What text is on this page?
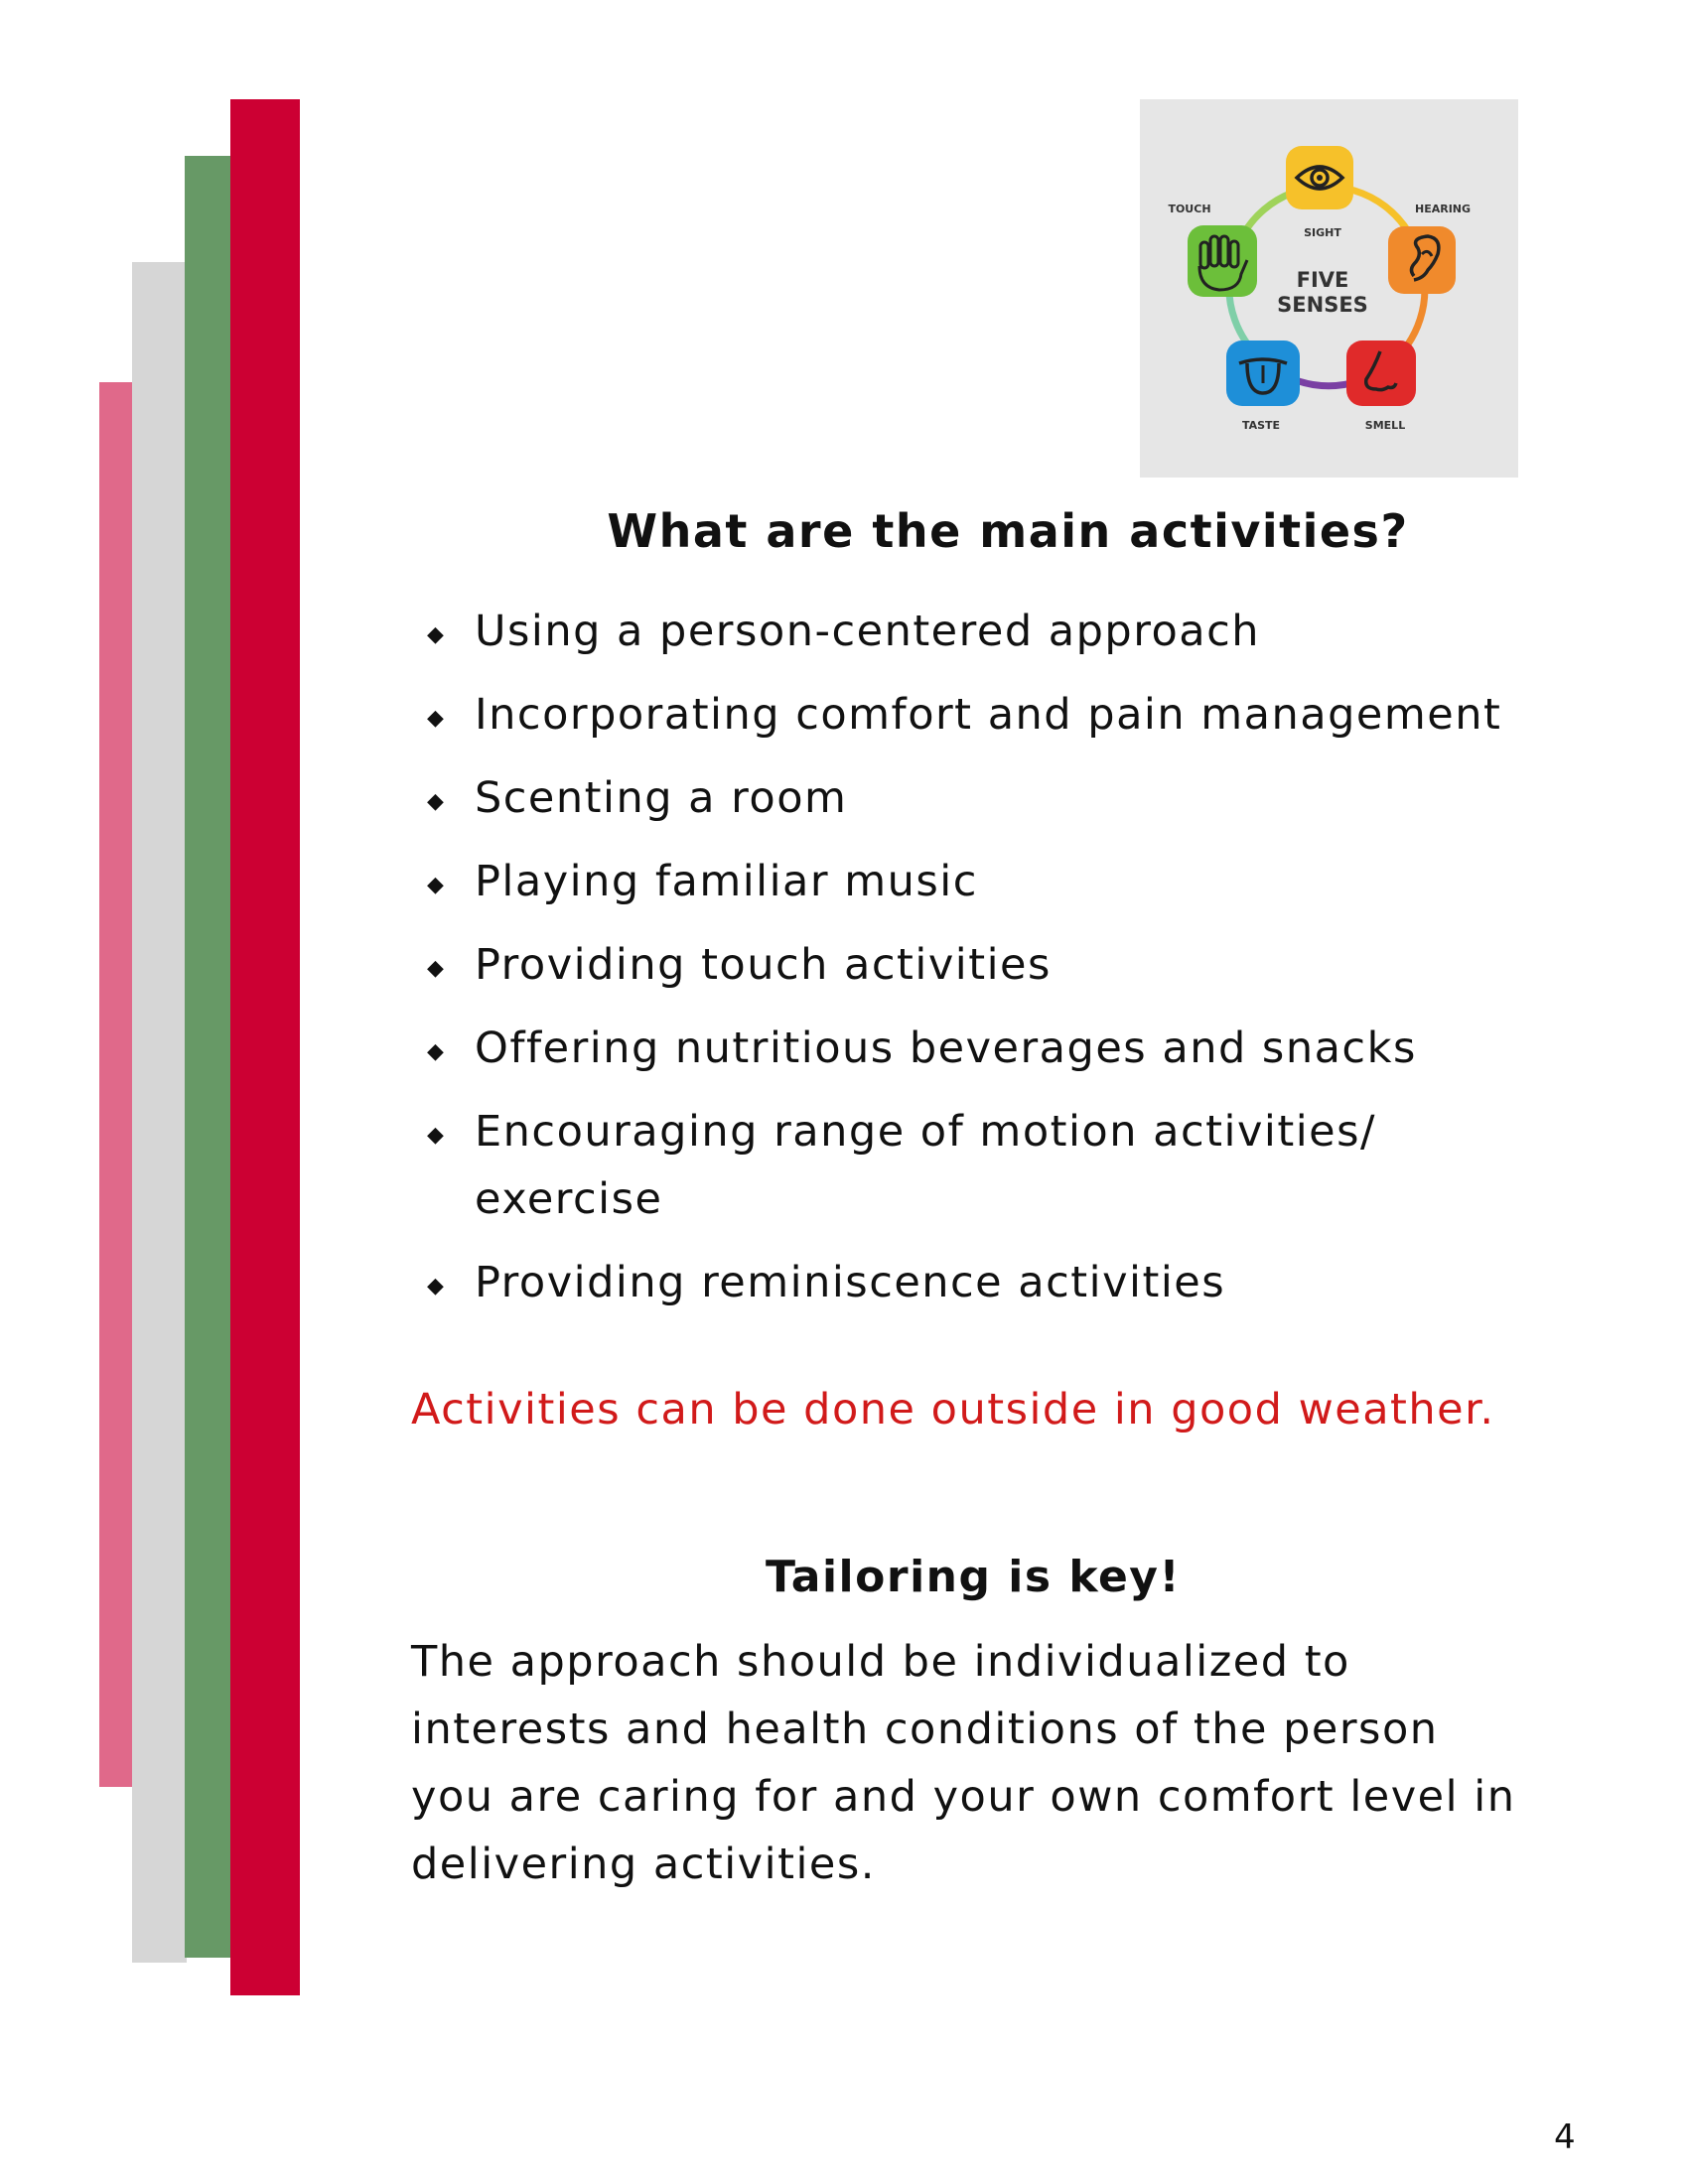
TOUCH
SIGHT
HEARING
TASTE	SMELL
FIVE
SENSES
What are the main activities?
◆ Using a person-centered approach
◆ Incorporating comfort and pain management
◆ Scenting a room
◆ Playing familiar music
◆ Providing touch activities
◆ Offering nutritious beverages and snacks
◆ Encouraging range of motion activities/ exercise
◆ Providing reminiscence activities

Activities can be done outside in good weather.

Tailoring is key!

The approach should be individualized to interests and health conditions of the person you are caring for and your own comfort level in delivering activities.

4
